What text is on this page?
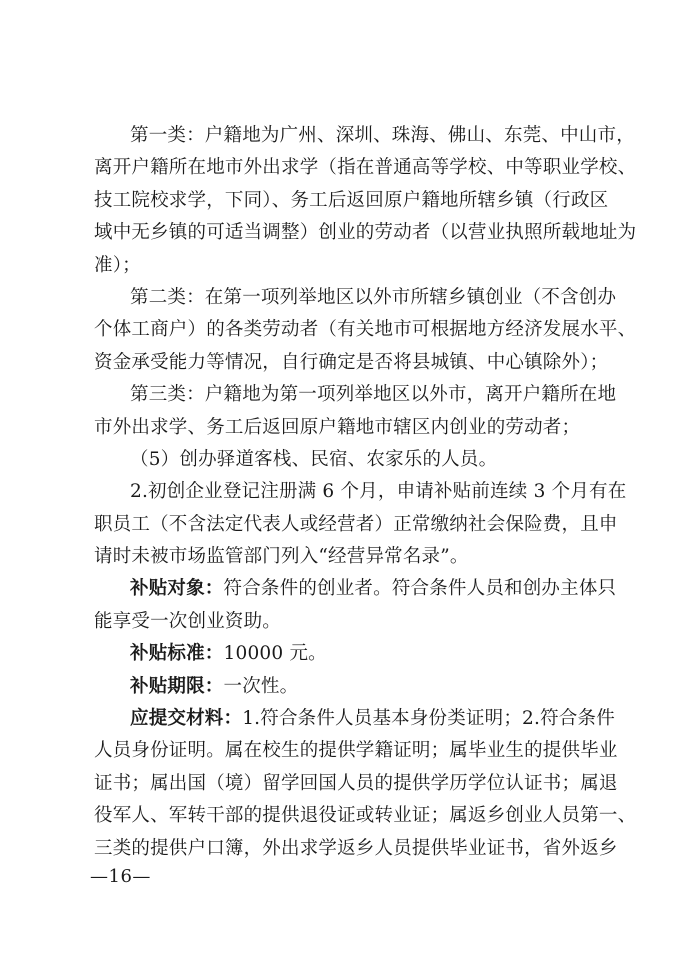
第一类：户籍地为广州、深圳、珠海、佛山、东莞、中山市，
离开户籍所在地市外出求学（指在普通高等学校、中等职业学校、
技工院校求学，下同）、务工后返回原户籍地所辖乡镇（行政区
域中无乡镇的可适当调整）创业的劳动者（以营业执照所载地址为
准）；
第二类：在第一项列举地区以外市所辖乡镇创业（不含创办
个体工商户）的各类劳动者（有关地市可根据地方经济发展水平、
资金承受能力等情况，自行确定是否将县城镇、中心镇除外）；
第三类：户籍地为第一项列举地区以外市，离开户籍所在地
市外出求学、务工后返回原户籍地市辖区内创业的劳动者；
（5）创办驿道客栈、民宿、农家乐的人员。
2.初创企业登记注册满 6 个月，申请补贴前连续 3 个月有在
职员工（不含法定代表人或经营者）正常缴纳社会保险费，且申
请时未被市场监管部门列入“经营异常名录”。
补贴对象：符合条件的创业者。符合条件人员和创办主体只
能享受一次创业资助。
补贴标准：10000 元。
补贴期限：一次性。
应提交材料：1.符合条件人员基本身份类证明；2.符合条件
人员身份证明。属在校生的提供学籍证明；属毕业生的提供毕业
证书；属出国（境）留学回国人员的提供学历学位认证书；属退
役军人、军转干部的提供退役证或转业证；属返乡创业人员第一、
三类的提供户口簿，外出求学返乡人员提供毕业证书，省外返乡
—16—
